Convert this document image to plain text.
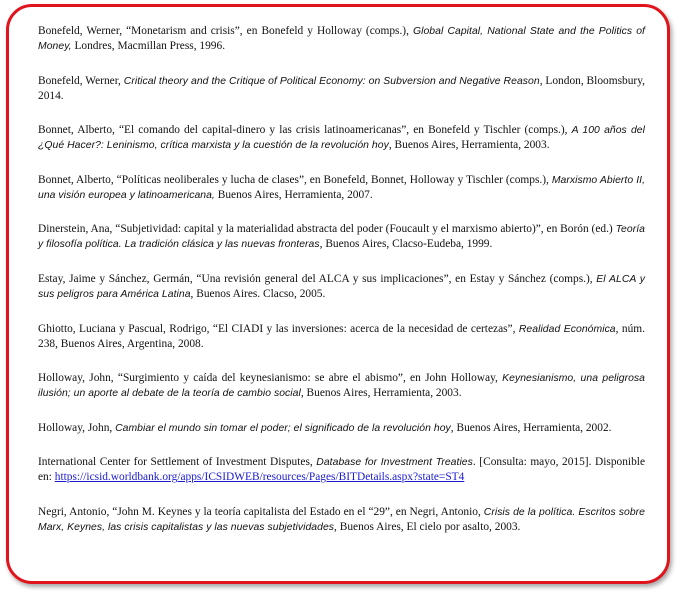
Bonefeld, Werner, “Monetarism and crisis”, en Bonefeld y Holloway (comps.), Global Capital, National State and the Politics of Money, Londres, Macmillan Press, 1996.

Bonefeld, Werner, Critical theory and the Critique of Political Economy: on Subversion and Negative Reason, London, Bloomsbury, 2014.

Bonnet, Alberto, “El comando del capital-dinero y las crisis latinoamericanas”, en Bonefeld y Tischler (comps.), A 100 años del ¿Qué Hacer?: Leninismo, crítica marxista y la cuestión de la revolución hoy, Buenos Aires, Herramienta, 2003.

Bonnet, Alberto, “Políticas neoliberales y lucha de clases”, en Bonefeld, Bonnet, Holloway y Tischler (comps.), Marxismo Abierto II, una visión europea y latinoamericana, Buenos Aires, Herramienta, 2007.

Dinerstein, Ana, “Subjetividad: capital y la materialidad abstracta del poder (Foucault y el marxismo abierto)”, en Borón (ed.) Teoría y filosofía política. La tradición clásica y las nuevas fronteras, Buenos Aires, Clacso-Eudeba, 1999.

Estay, Jaime y Sánchez, Germán, “Una revisión general del ALCA y sus implicaciones”, en Estay y Sánchez (comps.), El ALCA y sus peligros para América Latina, Buenos Aires. Clacso, 2005.

Ghiotto, Luciana y Pascual, Rodrigo, “El CIADI y las inversiones: acerca de la necesidad de certezas”, Realidad Económica, núm. 238, Buenos Aires, Argentina, 2008.

Holloway, John, “Surgimiento y caída del keynesianismo: se abre el abismo”, en John Holloway, Keynesianismo, una peligrosa ilusión; un aporte al debate de la teoría de cambio social, Buenos Aires, Herramienta, 2003.

Holloway, John, Cambiar el mundo sin tomar el poder; el significado de la revolución hoy, Buenos Aires, Herramienta, 2002.

International Center for Settlement of Investment Disputes, Database for Investment Treaties. [Consulta: mayo, 2015]. Disponible en: https://icsid.worldbank.org/apps/ICSIDWEB/resources/Pages/BITDetails.aspx?state=ST4

Negri, Antonio, “John M. Keynes y la teoría capitalista del Estado en el “29”, en Negri, Antonio, Crisis de la política. Escritos sobre Marx, Keynes, las crisis capitalistas y las nuevas subjetividades, Buenos Aires, El cielo por asalto, 2003.
